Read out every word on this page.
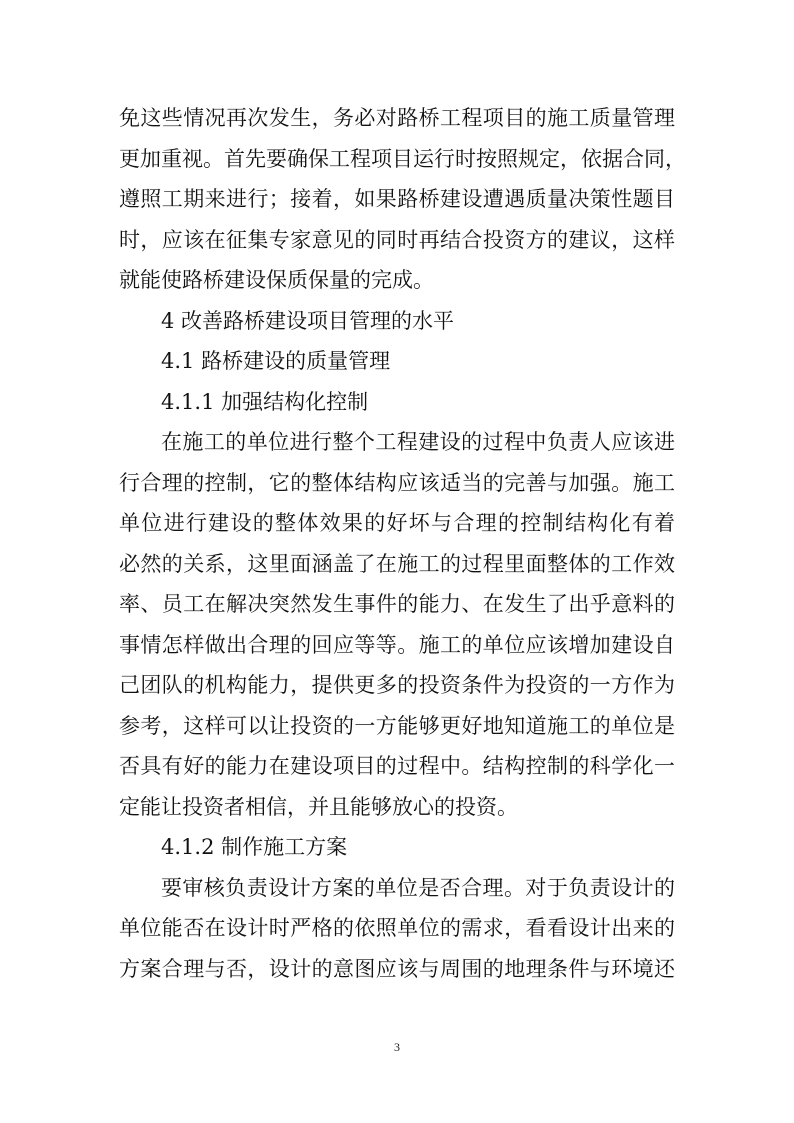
免这些情况再次发生，务必对路桥工程项目的施工质量管理
更加重视。首先要确保工程项目运行时按照规定，依据合同，
遵照工期来进行；接着，如果路桥建设遭遇质量决策性题目
时，应该在征集专家意见的同时再结合投资方的建议，这样
就能使路桥建设保质保量的完成。
4 改善路桥建设项目管理的水平
4.1 路桥建设的质量管理
4.1.1 加强结构化控制
在施工的单位进行整个工程建设的过程中负责人应该进
行合理的控制，它的整体结构应该适当的完善与加强。施工
单位进行建设的整体效果的好坏与合理的控制结构化有着
必然的关系，这里面涵盖了在施工的过程里面整体的工作效
率、员工在解决突然发生事件的能力、在发生了出乎意料的
事情怎样做出合理的回应等等。施工的单位应该增加建设自
己团队的机构能力，提供更多的投资条件为投资的一方作为
参考，这样可以让投资的一方能够更好地知道施工的单位是
否具有好的能力在建设项目的过程中。结构控制的科学化一
定能让投资者相信，并且能够放心的投资。
4.1.2 制作施工方案
要审核负责设计方案的单位是否合理。对于负责设计的
单位能否在设计时严格的依照单位的需求，看看设计出来的
方案合理与否，设计的意图应该与周围的地理条件与环境还
3
